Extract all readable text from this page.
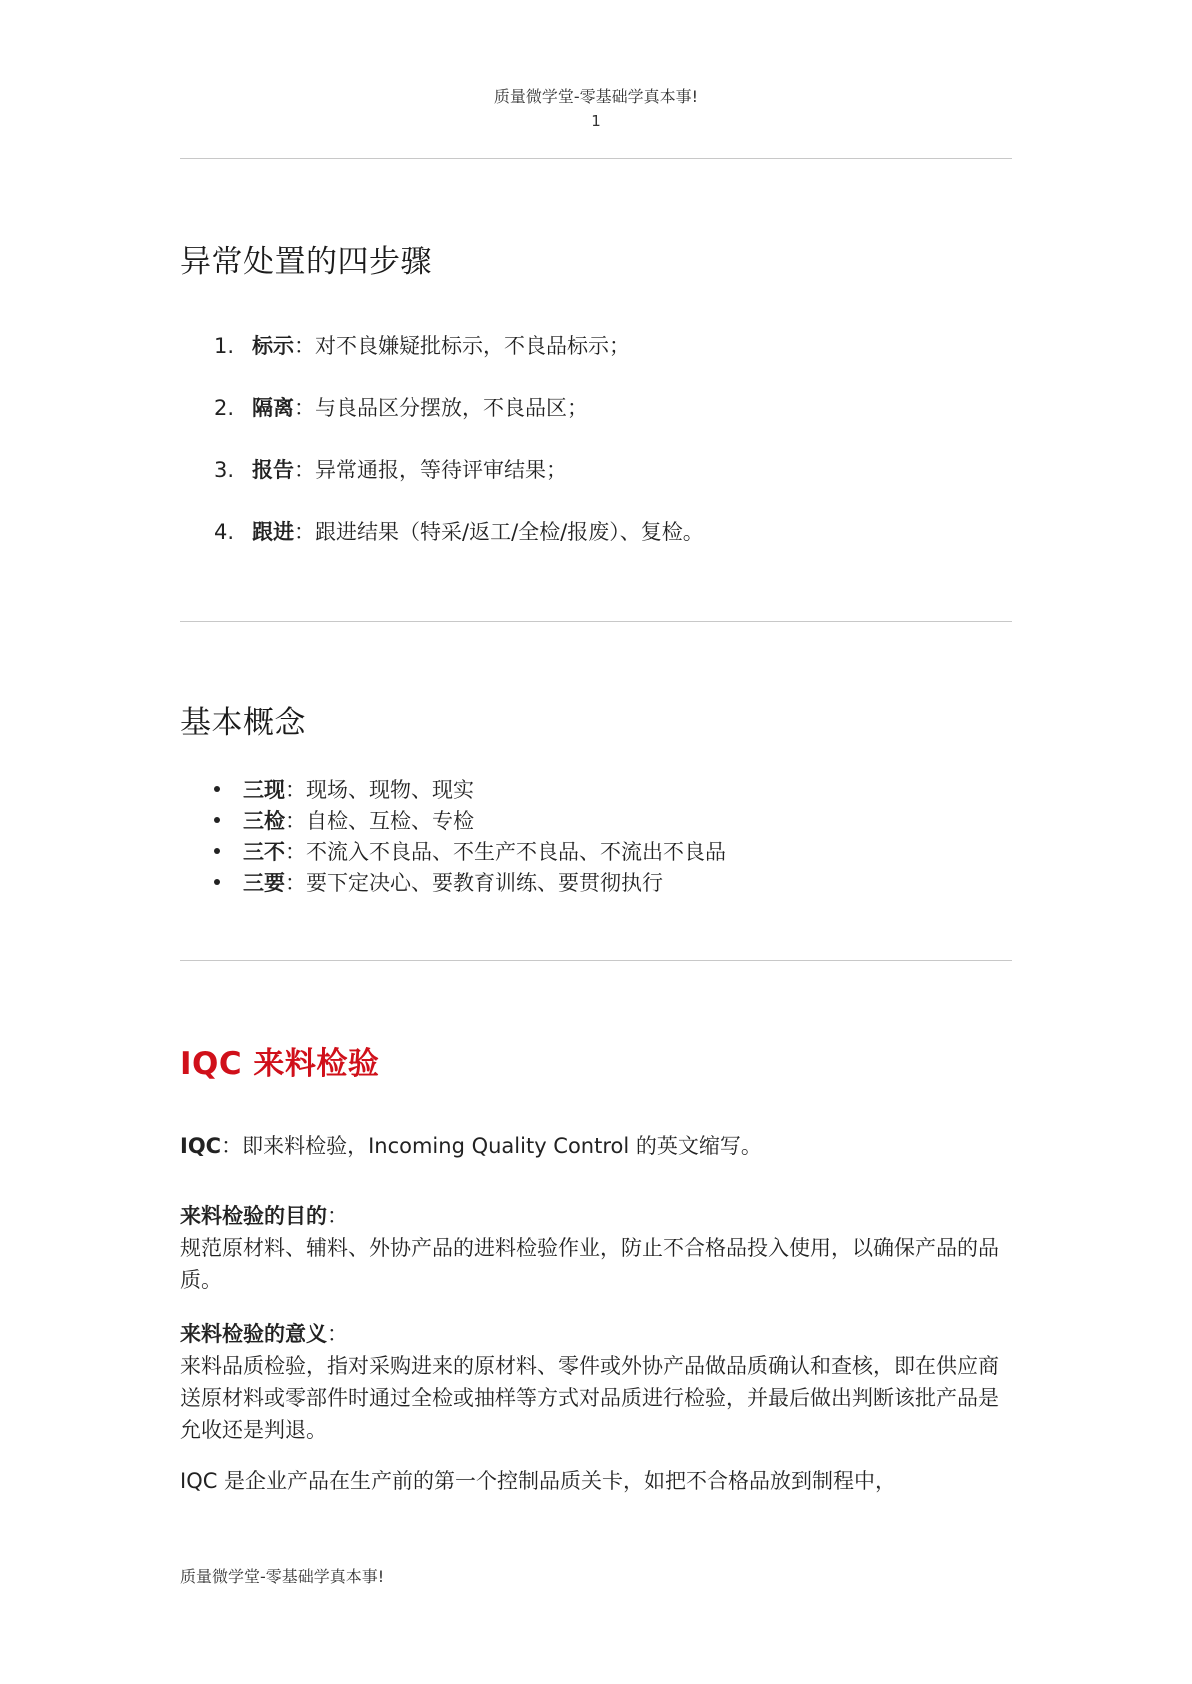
质量微学堂-零基础学真本事!
1
异常处置的四步骤
1. 标示：对不良嫌疑批标示，不良品标示；
2. 隔离：与良品区分摆放，不良品区；
3. 报告：异常通报，等待评审结果；
4. 跟进：跟进结果（特采/返工/全检/报废）、复检。
基本概念
三现：现场、现物、现实
三检：自检、互检、专检
三不：不流入不良品、不生产不良品、不流出不良品
三要：要下定决心、要教育训练、要贯彻执行
IQC 来料检验
IQC：即来料检验，Incoming Quality Control 的英文缩写。
来料检验的目的：
规范原材料、辅料、外协产品的进料检验作业，防止不合格品投入使用，以确保产品的品质。
来料检验的意义：
来料品质检验，指对采购进来的原材料、零件或外协产品做品质确认和查核，即在供应商送原材料或零部件时通过全检或抽样等方式对品质进行检验，并最后做出判断该批产品是允收还是判退。
IQC 是企业产品在生产前的第一个控制品质关卡，如把不合格品放到制程中，
质量微学堂-零基础学真本事!
